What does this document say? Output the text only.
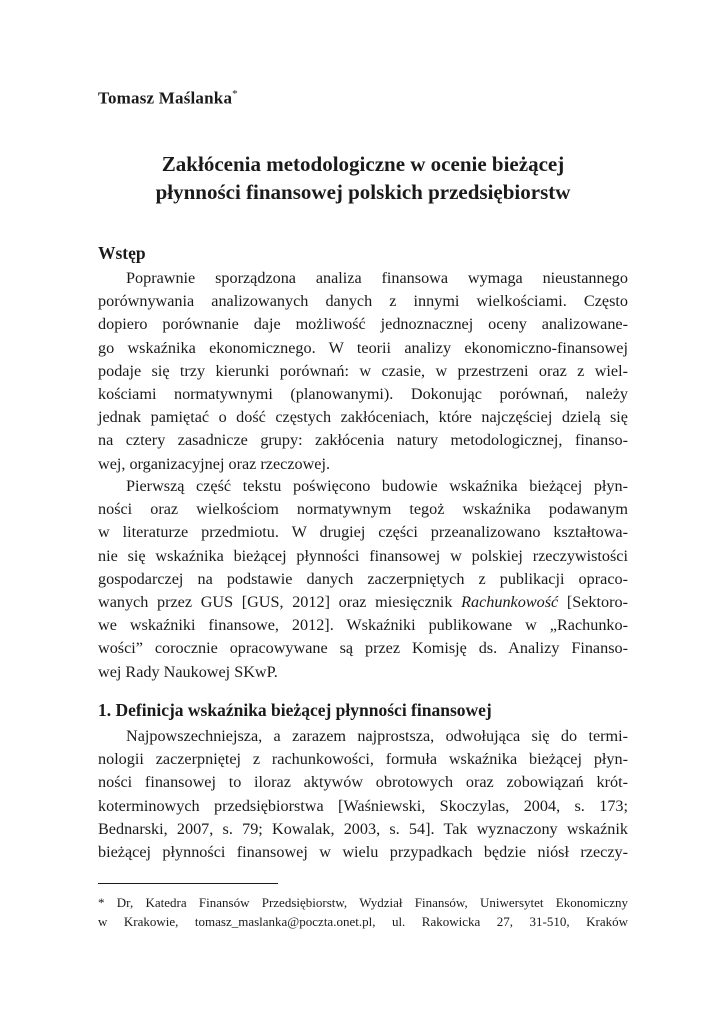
Tomasz Maślanka*
Zakłócenia metodologiczne w ocenie bieżącej
płynności finansowej polskich przedsiębiorstw
Wstęp
Poprawnie sporządzona analiza finansowa wymaga nieustannego
porównywania analizowanych danych z innymi wielkościami. Często
dopiero porównanie daje możliwość jednoznacznej oceny analizowane-
go wskaźnika ekonomicznego. W teorii analizy ekonomiczno-finansowej
podaje się trzy kierunki porównań: w czasie, w przestrzeni oraz z wiel-
kościami normatywnymi (planowanymi). Dokonując porównań, należy
jednak pamiętać o dość częstych zakłóceniach, które najczęściej dzielą się
na cztery zasadnicze grupy: zakłócenia natury metodologicznej, finanso-
wej, organizacyjnej oraz rzeczowej.
Pierwszą część tekstu poświęcono budowie wskaźnika bieżącej płyn-
ności oraz wielkościom normatywnym tegoż wskaźnika podawanym
w literaturze przedmiotu. W drugiej części przeanalizowano kształtowa-
nie się wskaźnika bieżącej płynności finansowej w polskiej rzeczywistości
gospodarczej na podstawie danych zaczerpniętych z publikacji opraco-
wanych przez GUS [GUS, 2012] oraz miesięcznik Rachunkowość [Sektoro-
we wskaźniki finansowe, 2012]. Wskaźniki publikowane w „Rachunko-
wości” corocznie opracowywane są przez Komisję ds. Analizy Finanso-
wej Rady Naukowej SKwP.
1. Definicja wskaźnika bieżącej płynności finansowej
Najpowszechniejsza, a zarazem najprostsza, odwołująca się do termi-
nologii zaczerpniętej z rachunkowości, formuła wskaźnika bieżącej płyn-
ności finansowej to iloraz aktywów obrotowych oraz zobowiązań krót-
koterminowych przedsiębiorstwa [Waśniewski, Skoczylas, 2004, s. 173;
Bednarski, 2007, s. 79; Kowalak, 2003, s. 54]. Tak wyznaczony wskaźnik
bieżącej płynności finansowej w wielu przypadkach będzie niósł rzeczy-
* Dr, Katedra Finansów Przedsiębiorstw, Wydział Finansów, Uniwersytet Ekonomiczny
w Krakowie, tomasz_maslanka@poczta.onet.pl, ul. Rakowicka 27, 31-510, Kraków
